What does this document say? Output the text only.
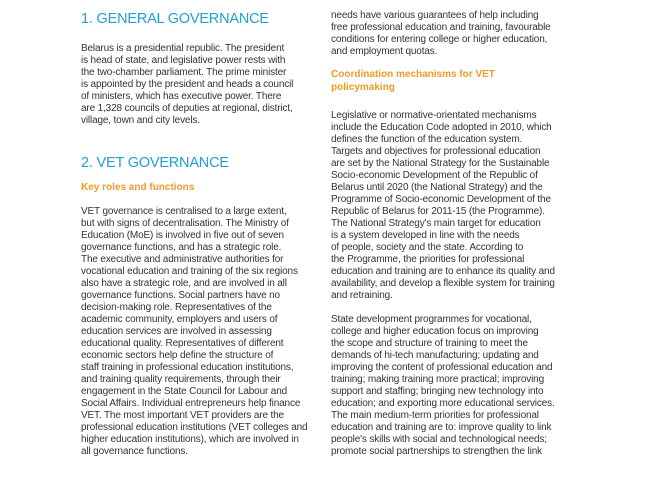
1. GENERAL GOVERNANCE

Belarus is a presidential republic. The president
is head of state, and legislative power rests with
the two-chamber parliament. The prime minister
is appointed by the president and heads a council
of ministers, which has executive power. There
are 1,328 councils of deputies at regional, district,
village, town and city levels.

2. VET GOVERNANCE
Key roles and functions

VET governance is centralised to a large extent,
but with signs of decentralisation. The Ministry of
Education (MoE) is involved in five out of seven
governance functions, and has a strategic role.
The executive and administrative authorities for
vocational education and training of the six regions
also have a strategic role, and are involved in all
governance functions. Social partners have no
decision-making role. Representatives of the
academic community, employers and users of
education services are involved in assessing
educational quality. Representatives of different
economic sectors help define the structure of
staff training in professional education institutions,
and training quality requirements, through their
engagement in the State Council for Labour and
Social Affairs. Individual entrepreneurs help finance
VET. The most important VET providers are the
professional education institutions (VET colleges and
higher education institutions), which are involved in
all governance functions.

needs have various guarantees of help including
free professional education and training, favourable
conditions for entering college or higher education,
and employment quotas.

Coordination mechanisms for VET
policymaking

Legislative or normative-orientated mechanisms
include the Education Code adopted in 2010, which
defines the function of the education system.
Targets and objectives for professional education
are set by the National Strategy for the Sustainable
Socio-economic Development of the Republic of
Belarus until 2020 (the National Strategy) and the
Programme of Socio-economic Development of the
Republic of Belarus for 2011-15 (the Programme).
The National Strategy's main target for education
is a system developed in line with the needs
of people, society and the state. According to
the Programme, the priorities for professional
education and training are to enhance its quality and
availability, and develop a flexible system for training
and retraining.

State development programmes for vocational,
college and higher education focus on improving
the scope and structure of training to meet the
demands of hi-tech manufacturing; updating and
improving the content of professional education and
training; making training more practical; improving
support and staffing; bringing new technology into
education; and exporting more educational services.
The main medium-term priorities for professional
education and training are to: improve quality to link
people's skills with social and technological needs;
promote social partnerships to strengthen the link
